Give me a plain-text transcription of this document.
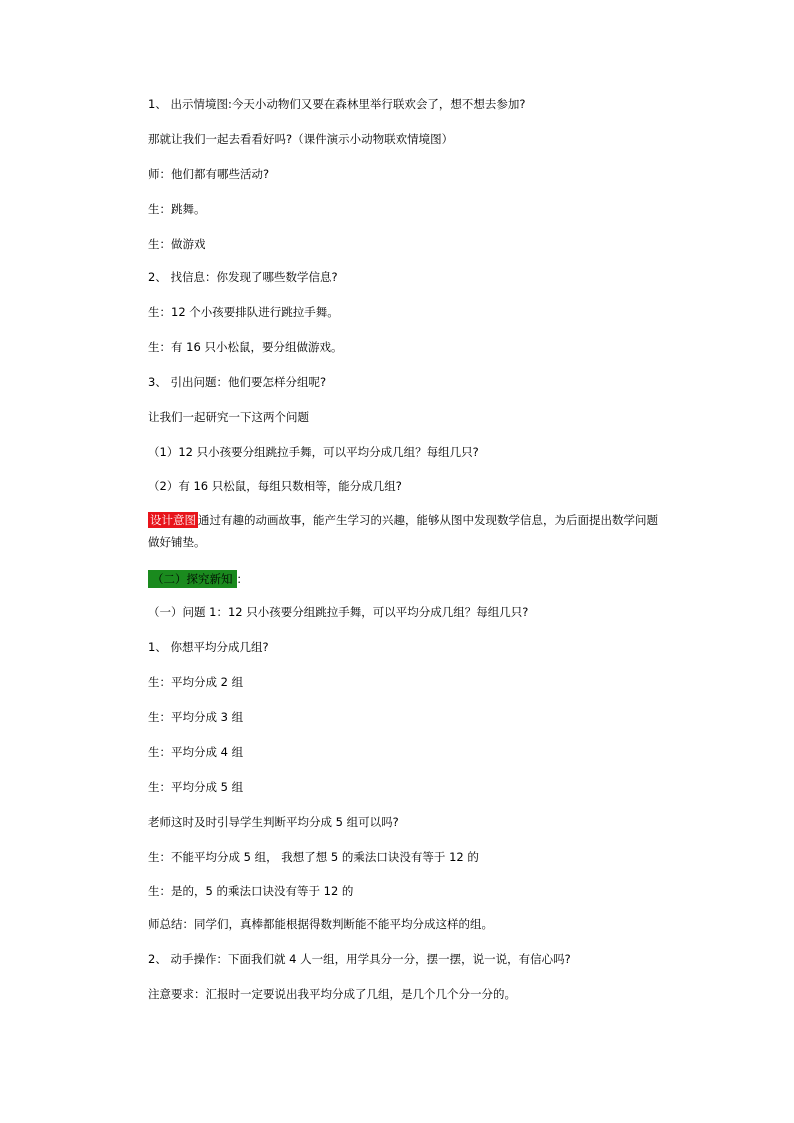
1、 出示情境图:今天小动物们又要在森林里举行联欢会了，想不想去参加?
那就让我们一起去看看好吗?（课件演示小动物联欢情境图）
师：他们都有哪些活动?
生：跳舞。
生：做游戏
2、 找信息：你发现了哪些数学信息?
生：12 个小孩要排队进行跳拉手舞。
生：有 16 只小松鼠，要分组做游戏。
3、 引出问题：他们要怎样分组呢?
让我们一起研究一下这两个问题
（1）12 只小孩要分组跳拉手舞，可以平均分成几组？每组几只?
（2）有 16 只松鼠，每组只数相等，能分成几组?
设计意图 通过有趣的动画故事，能产生学习的兴趣，能够从图中发现数学信息，为后面提出数学问题做好铺垫。
（二）探究新知 ：
（一）问题 1：12 只小孩要分组跳拉手舞，可以平均分成几组？每组几只?
1、 你想平均分成几组?
生：平均分成 2 组
生：平均分成 3 组
生：平均分成 4 组
生：平均分成 5 组
老师这时及时引导学生判断平均分成 5 组可以吗?
生：不能平均分成 5 组， 我想了想 5 的乘法口诀没有等于 12 的
生：是的，5 的乘法口诀没有等于 12 的
师总结：同学们，真棒都能根据得数判断能不能平均分成这样的组。
2、 动手操作：下面我们就 4 人一组，用学具分一分，摆一摆，说一说，有信心吗?
注意要求：汇报时一定要说出我平均分成了几组，是几个几个分一分的。
